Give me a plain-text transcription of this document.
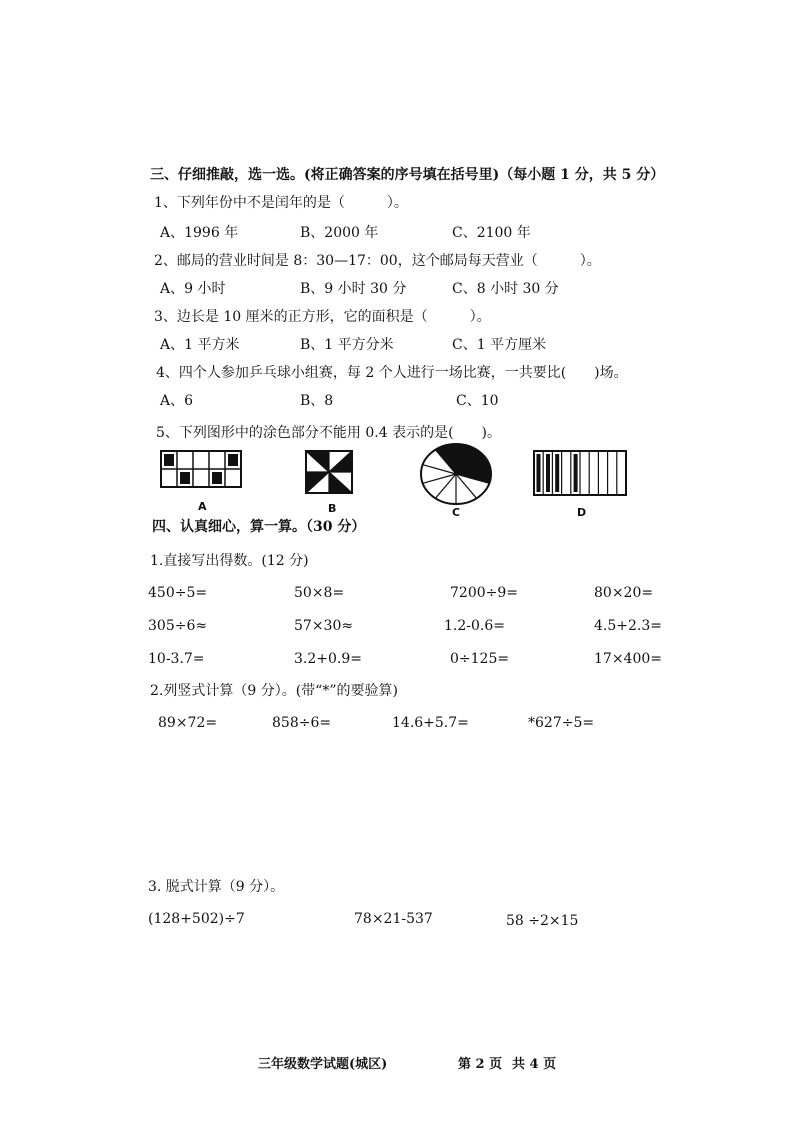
三、仔细推敲，选一选。(将正确答案的序号填在括号里)（每小题 1 分，共 5 分）
1、下列年份中不是闰年的是（　　　）。
A、1996 年	B、2000 年	C、2100 年
2、邮局的营业时间是 8：30—17：00，这个邮局每天营业（　　　）。
A、9 小时	B、9 小时 30 分	C、8 小时 30 分
3、边长是 10 厘米的正方形，它的面积是（　　　）。
A、1 平方米	B、1 平方分米	C、1 平方厘米
4、四个人参加乒乓球小组赛，每 2 个人进行一场比赛，一共要比(　　)场。
A、6	B、8	C、10
5、下列图形中的涂色部分不能用 0.4 表示的是(　　)。
A	B	C	D
四、认真细心，算一算。（30 分）
1.直接写出得数。(12 分)
450÷5=	50×8=	7200÷9=	80×20=
305÷6≈	57×30≈	1.2-0.6=	4.5+2.3=
10-3.7=	3.2+0.9=	0÷125=	17×400=
2.列竖式计算（9 分）。(带“*”的要验算)
89×72=	858÷6=	14.6+5.7=	*627÷5=
3. 脱式计算（9 分）。
(128+502)÷7	78×21-537	58 ÷2×15
三年级数学试题(城区)	第 2 页 共 4 页
